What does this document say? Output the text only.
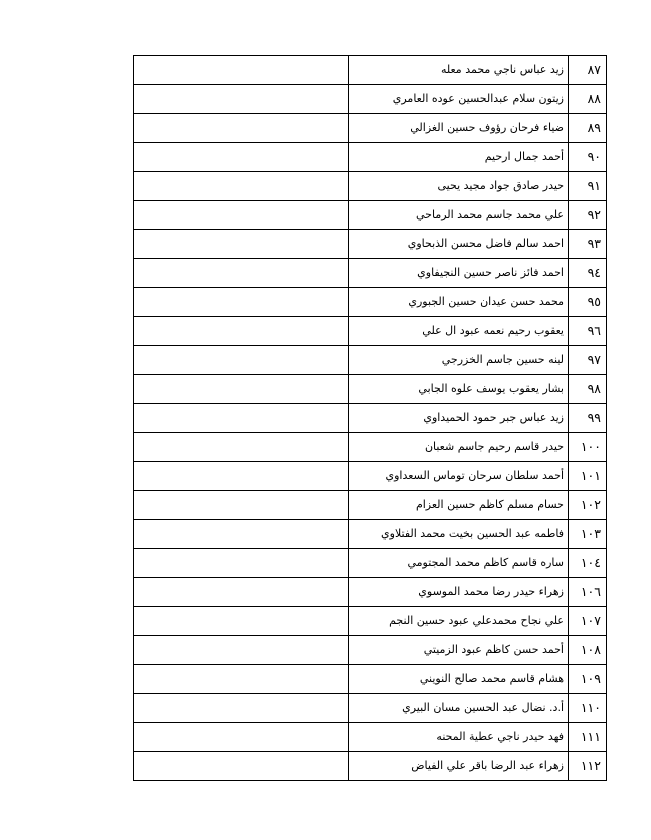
	زيد عباس ناجي محمد معله	٨٧
	زيتون سلام عبدالحسين عوده العامري	٨٨
	ضياء فرحان رؤوف حسين الغزالي	٨٩
	أحمد جمال ارحيم	٩٠
	حيدر صادق جواد مجيد يحيى	٩١
	علي محمد جاسم محمد الرماحي	٩٢
	احمد سالم فاضل محسن الذبحاوي	٩٣
	احمد فائز ناصر حسين النجيفاوي	٩٤
	محمد حسن عيدان حسين الجبوري	٩٥
	يعقوب رحيم نعمه عبود ال علي	٩٦
	لينه حسين جاسم الخزرجي	٩٧
	بشار يعقوب يوسف علوه الجابي	٩٨
	زيد عباس جبر حمود الحميداوي	٩٩
	حيدر قاسم رحيم جاسم شعبان	١٠٠
	أحمد سلطان سرحان توماس السعداوي	١٠١
	حسام مسلم كاظم حسين العزام	١٠٢
	فاطمه عبد الحسين بخيت محمد الفتلاوي	١٠٣
	ساره قاسم كاظم محمد المجتومي	١٠٤
	زهراء حيدر رضا محمد الموسوي	١٠٦
	علي نجاح محمدعلي عبود حسين النجم	١٠٧
	أحمد حسن كاظم عبود الزميتي	١٠٨
	هشام قاسم محمد صالح النويني	١٠٩
	أ.د. نضال عبد الحسين مسان البيري	١١٠
	فهد حيدر ناجي عطية المحنه	١١١
	زهراء عبد الرضا باقر علي الفياض	١١٢
